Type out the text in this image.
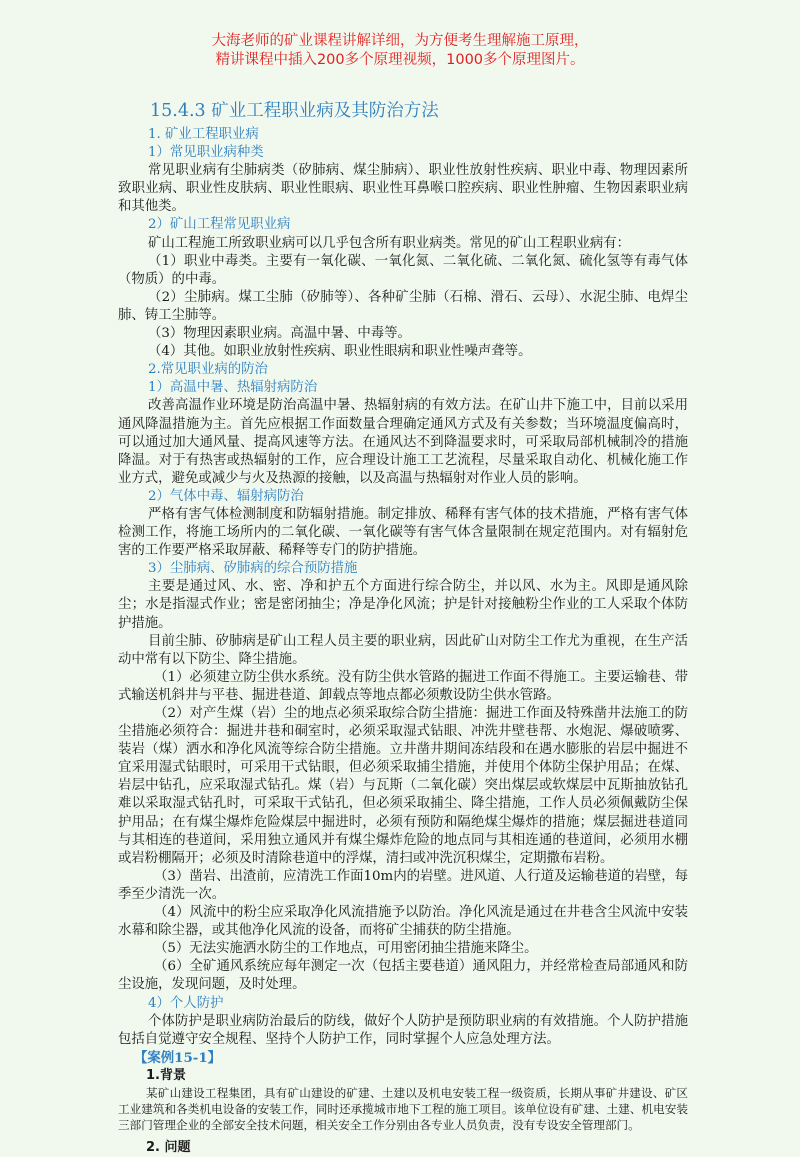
大海老师的矿业课程讲解详细，为方便考生理解施工原理，
精讲课程中插入200多个原理视频，1000多个原理图片。

15.4.3 矿业工程职业病及其防治方法

1. 矿业工程职业病

1）常见职业病种类

常见职业病有尘肺病类（矽肺病、煤尘肺病）、职业性放射性疾病、职业中毒、物理因素所致职业病、职业性皮肤病、职业性眼病、职业性耳鼻喉口腔疾病、职业性肿瘤、生物因素职业病和其他类。

2）矿山工程常见职业病

矿山工程施工所致职业病可以几乎包含所有职业病类。常见的矿山工程职业病有：

（1）职业中毒类。主要有一氧化碳、一氧化氮、二氧化硫、二氧化氮、硫化氢等有毒气体（物质）的中毒。

（2）尘肺病。煤工尘肺（矽肺等）、各种矿尘肺（石棉、滑石、云母）、水泥尘肺、电焊尘肺、铸工尘肺等。

（3）物理因素职业病。高温中暑、中毒等。

（4）其他。如职业放射性疾病、职业性眼病和职业性噪声聋等。

2.常见职业病的防治

1）高温中暑、热辐射病防治

改善高温作业环境是防治高温中暑、热辐射病的有效方法。在矿山井下施工中，目前以采用通风降温措施为主。首先应根据工作面数量合理确定通风方式及有关参数；当环境温度偏高时，可以通过加大通风量、提高风速等方法。在通风达不到降温要求时，可采取局部机械制冷的措施降温。对于有热害或热辐射的工作，应合理设计施工工艺流程，尽量采取自动化、机械化施工作业方式，避免或减少与火及热源的接触，以及高温与热辐射对作业人员的影响。

2）气体中毒、辐射病防治

严格有害气体检测制度和防辐射措施。制定排放、稀释有害气体的技术措施，严格有害气体检测工作，将施工场所内的二氧化碳、一氧化碳等有害气体含量限制在规定范围内。对有辐射危害的工作要严格采取屏蔽、稀释等专门的防护措施。

3）尘肺病、矽肺病的综合预防措施

主要是通过风、水、密、净和护五个方面进行综合防尘，并以风、水为主。风即是通风除尘；水是指湿式作业；密是密闭抽尘；净是净化风流；护是针对接触粉尘作业的工人采取个体防护措施。

目前尘肺、矽肺病是矿山工程人员主要的职业病，因此矿山对防尘工作尤为重视，在生产活动中常有以下防尘、降尘措施。

（1）必须建立防尘供水系统。没有防尘供水管路的掘进工作面不得施工。主要运输巷、带式输送机斜井与平巷、掘进巷道、卸载点等地点都必须敷设防尘供水管路。

（2）对产生煤（岩）尘的地点必须采取综合防尘措施：掘进工作面及特殊凿井法施工的防尘措施必须符合：掘进井巷和硐室时，必须采取湿式钻眼、冲洗井壁巷帮、水炮泥、爆破喷雾、装岩（煤）洒水和净化风流等综合防尘措施。立井凿井期间冻结段和在遇水膨胀的岩层中掘进不宜采用湿式钻眼时，可采用干式钻眼，但必须采取捕尘措施，并使用个体防尘保护用品；在煤、岩层中钻孔，应采取湿式钻孔。煤（岩）与瓦斯（二氧化碳）突出煤层或软煤层中瓦斯抽放钻孔难以采取湿式钻孔时，可采取干式钻孔，但必须采取捕尘、降尘措施，工作人员必须佩戴防尘保护用品；在有煤尘爆炸危险煤层中掘进时，必须有预防和隔绝煤尘爆炸的措施；煤层掘进巷道同与其相连的巷道间，采用独立通风并有煤尘爆炸危险的地点同与其相连通的巷道间，必须用水棚或岩粉棚隔开；必须及时清除巷道中的浮煤，清扫或冲洗沉积煤尘，定期撒布岩粉。

（3）凿岩、出渣前，应清洗工作面10m内的岩壁。进风道、人行道及运输巷道的岩壁，每季至少清洗一次。

（4）风流中的粉尘应采取净化风流措施予以防治。净化风流是通过在井巷含尘风流中安装水幕和除尘器，或其他净化风流的设备，而将矿尘捕获的防尘措施。

（5）无法实施洒水防尘的工作地点，可用密闭抽尘措施来降尘。

（6）全矿通风系统应每年测定一次（包括主要巷道）通风阻力，并经常检查局部通风和防尘设施，发现问题，及时处理。

4）个人防护

个体防护是职业病防治最后的防线，做好个人防护是预防职业病的有效措施。个人防护措施包括自觉遵守安全规程、坚持个人防护工作，同时掌握个人应急处理方法。

【案例15-1】

1.背景

某矿山建设工程集团，具有矿山建设的矿建、土建以及机电安装工程一级资质，长期从事矿井建设、矿区工业建筑和各类机电设备的安装工作，同时还承揽城市地下工程的施工项目。该单位设有矿建、土建、机电安装三部门管理企业的全部安全技术问题，相关安全工作分别由各专业人员负责，没有专设安全管理部门。

2. 问题
